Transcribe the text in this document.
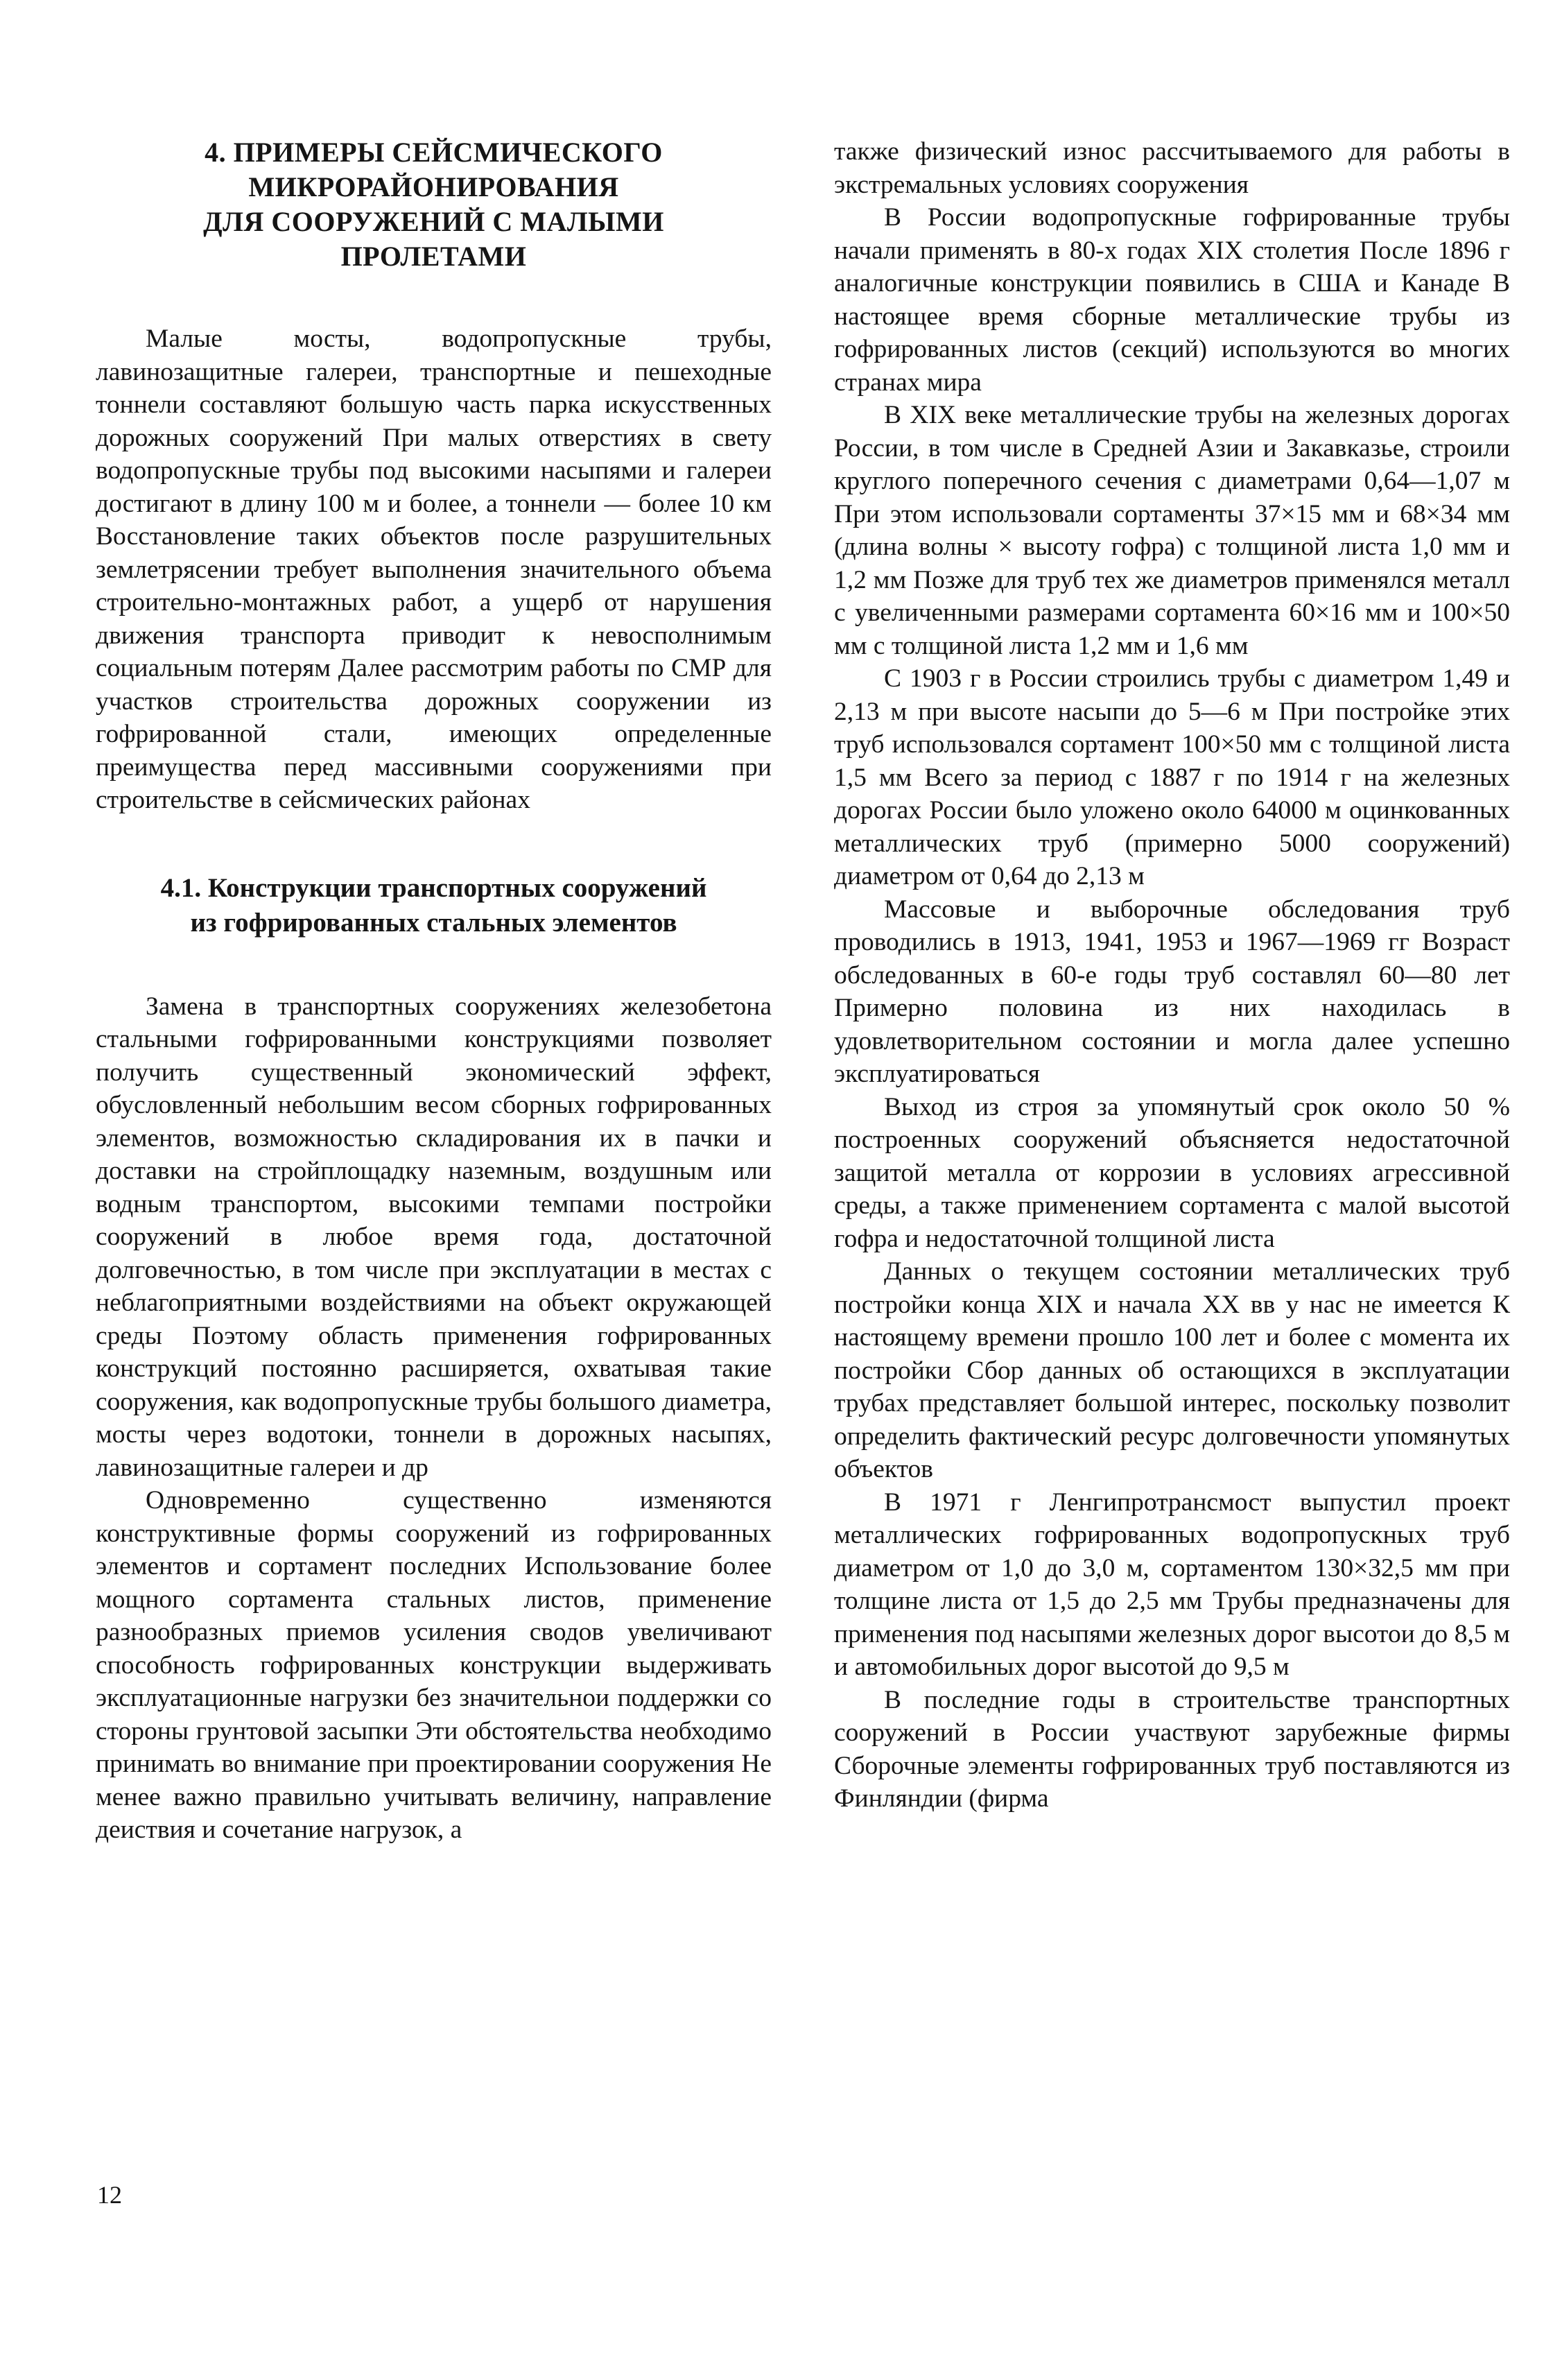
4. ПРИМЕРЫ СЕЙСМИЧЕСКОГО
МИКРОРАЙОНИРОВАНИЯ
ДЛЯ СООРУЖЕНИЙ С МАЛЫМИ
ПРОЛЕТАМИ

Малые мосты, водопропускные трубы, лавинозащитные галереи, транспортные и пешеходные тоннели составляют большую часть парка искусственных дорожных сооружений При малых отверстиях в свету водопропускные трубы под высокими насыпями и галереи достигают в длину 100 м и более, а тоннели — более 10 км Восстановление таких объектов после разрушительных землетрясении требует выполнения значительного объема строительно-монтажных работ, а ущерб от нарушения движения транспорта приводит к невосполнимым социальным потерям Далее рассмотрим работы по СМР для участков строительства дорожных сооружении из гофрированной стали, имеющих определенные преимущества перед массивными сооружениями при строительстве в сейсмических районах

4.1. Конструкции транспортных сооружений
из гофрированных стальных элементов

Замена в транспортных сооружениях железобетона стальными гофрированными конструкциями позволяет получить существенный экономический эффект, обусловленный небольшим весом сборных гофрированных элементов, возможностью складирования их в пачки и доставки на стройплощадку наземным, воздушным или водным транспортом, высокими темпами постройки сооружений в любое время года, достаточной долговечностью, в том числе при эксплуатации в местах с неблагоприятными воздействиями на объект окружающей среды Поэтому область применения гофрированных конструкций постоянно расширяется, охватывая такие сооружения, как водопропускные трубы большого диаметра, мосты через водотоки, тоннели в дорожных насыпях, лавинозащитные галереи и др

Одновременно существенно изменяются конструктивные формы сооружений из гофрированных элементов и сортамент последних Использование более мощного сортамента стальных листов, применение разнообразных приемов усиления сводов увеличивают способность гофрированных конструкции выдерживать эксплуатационные нагрузки без значительнои поддержки со стороны грунтовой засыпки Эти обстоятельства необходимо принимать во внимание при проектировании сооружения Не менее важно правильно учитывать величину, направление деиствия и сочетание нагрузок, а

также физический износ рассчитываемого для работы в экстремальных условиях сооружения

В России водопропускные гофрированные трубы начали применять в 80-х годах XIX столетия После 1896 г аналогичные конструкции появились в США и Канаде В настоящее время сборные металлические трубы из гофрированных листов (секций) используются во многих странах мира

В XIX веке металлические трубы на железных дорогах России, в том числе в Средней Азии и Закавказье, строили круглого поперечного сечения с диаметрами 0,64—1,07 м При этом использовали сортаменты 37×15 мм и 68×34 мм (длина волны × высоту гофра) с толщиной листа 1,0 мм и 1,2 мм Позже для труб тех же диаметров применялся металл с увеличенными размерами сортамента 60×16 мм и 100×50 мм с толщиной листа 1,2 мм и 1,6 мм

С 1903 г в России строились трубы с диаметром 1,49 и 2,13 м при высоте насыпи до 5—6 м При постройке этих труб использовался сортамент 100×50 мм с толщиной листа 1,5 мм Всего за период с 1887 г по 1914 г на железных дорогах России было уложено около 64000 м оцинкованных металлических труб (примерно 5000 сооружений) диаметром от 0,64 до 2,13 м

Массовые и выборочные обследования труб проводились в 1913, 1941, 1953 и 1967—1969 гг Возраст обследованных в 60-е годы труб составлял 60—80 лет Примерно половина из них находилась в удовлетворительном состоянии и могла далее успешно эксплуатироваться

Выход из строя за упомянутый срок около 50 % построенных сооружений объясняется недостаточной защитой металла от коррозии в условиях агрессивной среды, а также применением сортамента с малой высотой гофра и недостаточной толщиной листа

Данных о текущем состоянии металлических труб постройки конца XIX и начала XX вв у нас не имеется К настоящему времени прошло 100 лет и более с момента их постройки Сбор данных об остающихся в эксплуатации трубах представляет большой интерес, поскольку позволит определить фактический ресурс долговечности упомянутых объектов

В 1971 г Ленгипротрансмост выпустил проект металлических гофрированных водопропускных труб диаметром от 1,0 до 3,0 м, сортаментом 130×32,5 мм при толщине листа от 1,5 до 2,5 мм Трубы предназначены для применения под насыпями железных дорог высотои до 8,5 м и автомобильных дорог высотой до 9,5 м

В последние годы в строительстве транспортных сооружений в России участвуют зарубежные фирмы Сборочные элементы гофрированных труб поставляются из Финляндии (фирма

12
